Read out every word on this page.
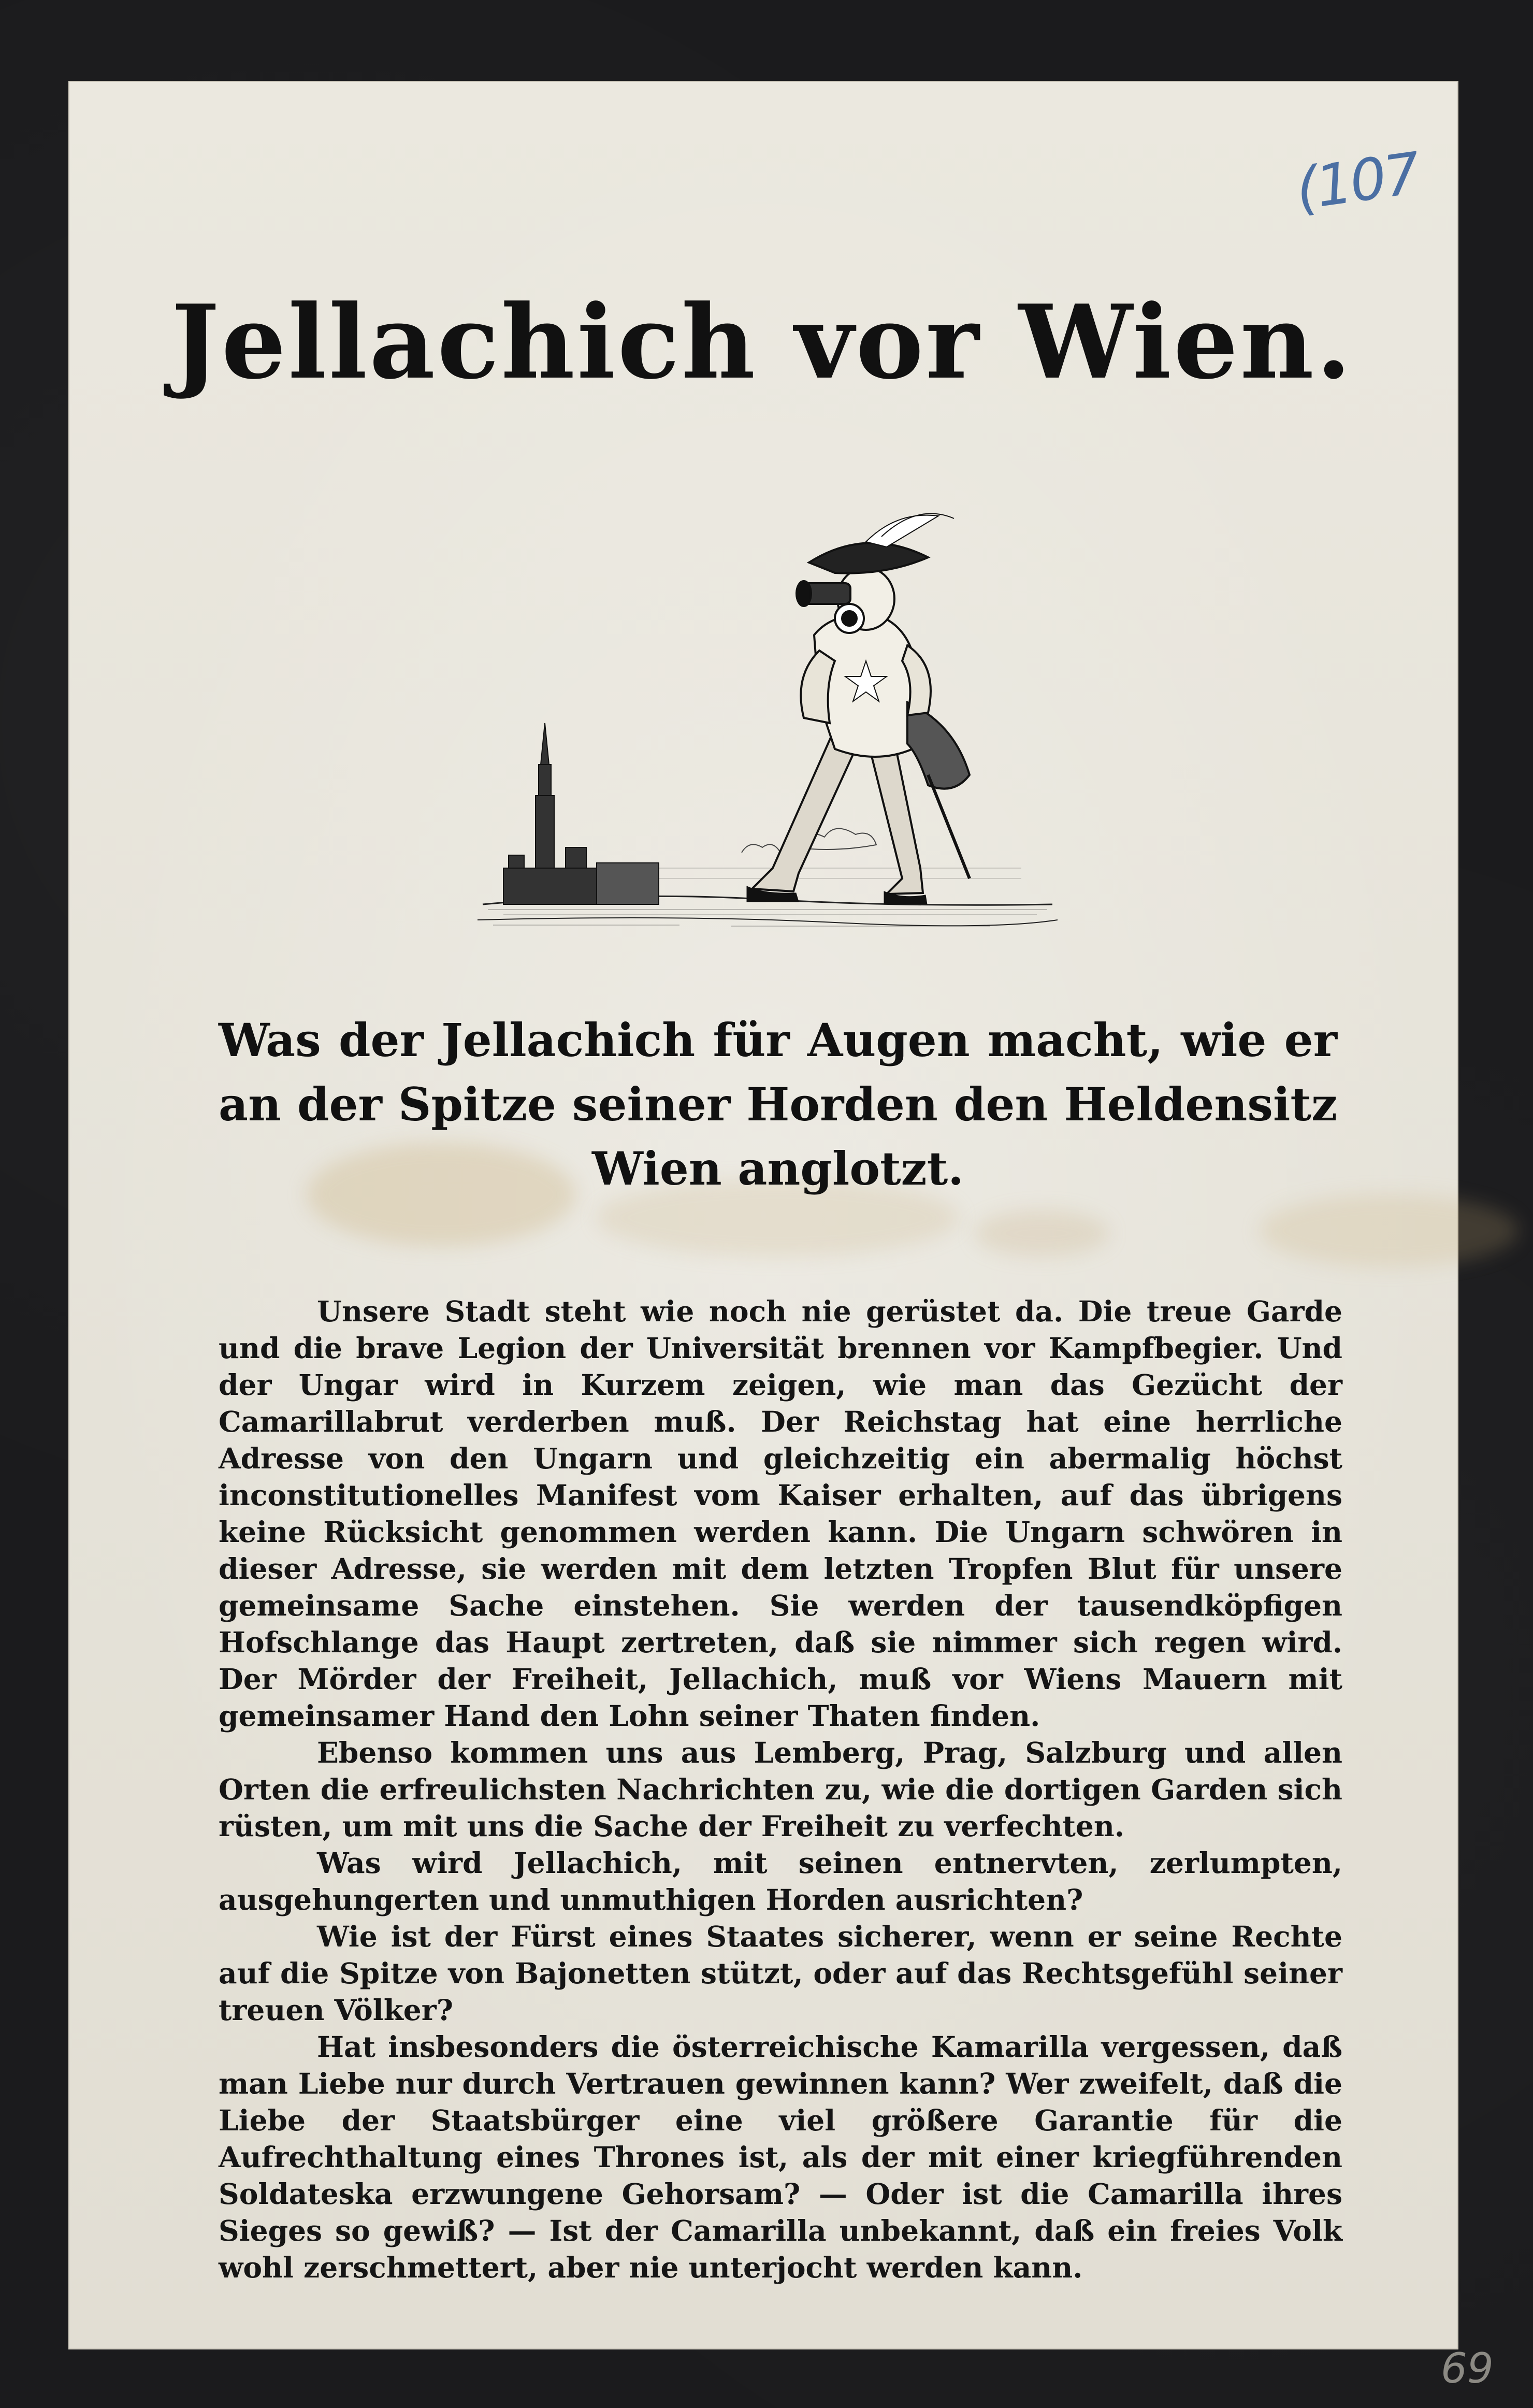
(107
Jellachich vor Wien.
Was der Jellachich für Augen macht, wie er an der Spitze seiner Horden den Heldensitz Wien anglotzt.

Unsere Stadt steht wie noch nie gerüstet da. Die treue Garde und die brave Legion der Universität brennen vor Kampfbegier. Und der Ungar wird in Kurzem zeigen, wie man das Gezücht der Camarillabrut verderben muß. Der Reichstag hat eine herrliche Adresse von den Ungarn und gleichzeitig ein abermalig höchst inconstitutionelles Manifest vom Kaiser erhalten, auf das übrigens keine Rücksicht genommen werden kann. Die Ungarn schwören in dieser Adresse, sie werden mit dem letzten Tropfen Blut für unsere gemeinsame Sache einstehen. Sie werden der tausendköpfigen Hofschlange das Haupt zertreten, daß sie nimmer sich regen wird. Der Mörder der Freiheit, Jellachich, muß vor Wiens Mauern mit gemeinsamer Hand den Lohn seiner Thaten finden.

Ebenso kommen uns aus Lemberg, Prag, Salzburg und allen Orten die erfreulichsten Nachrichten zu, wie die dortigen Garden sich rüsten, um mit uns die Sache der Freiheit zu verfechten.

Was wird Jellachich, mit seinen entnervten, zerlumpten, ausgehungerten und unmuthigen Horden ausrichten?

Wie ist der Fürst eines Staates sicherer, wenn er seine Rechte auf die Spitze von Bajonetten stützt, oder auf das Rechtsgefühl seiner treuen Völker?

Hat insbesonders die österreichische Kamarilla vergessen, daß man Liebe nur durch Vertrauen gewinnen kann? Wer zweifelt, daß die Liebe der Staatsbürger eine viel größere Garantie für die Aufrechthaltung eines Thrones ist, als der mit einer kriegführenden Soldateska erzwungene Gehorsam? — Oder ist die Camarilla ihres Sieges so gewiß? — Ist der Camarilla unbekannt, daß ein freies Volk wohl zerschmettert, aber nie unterjocht werden kann.

69
